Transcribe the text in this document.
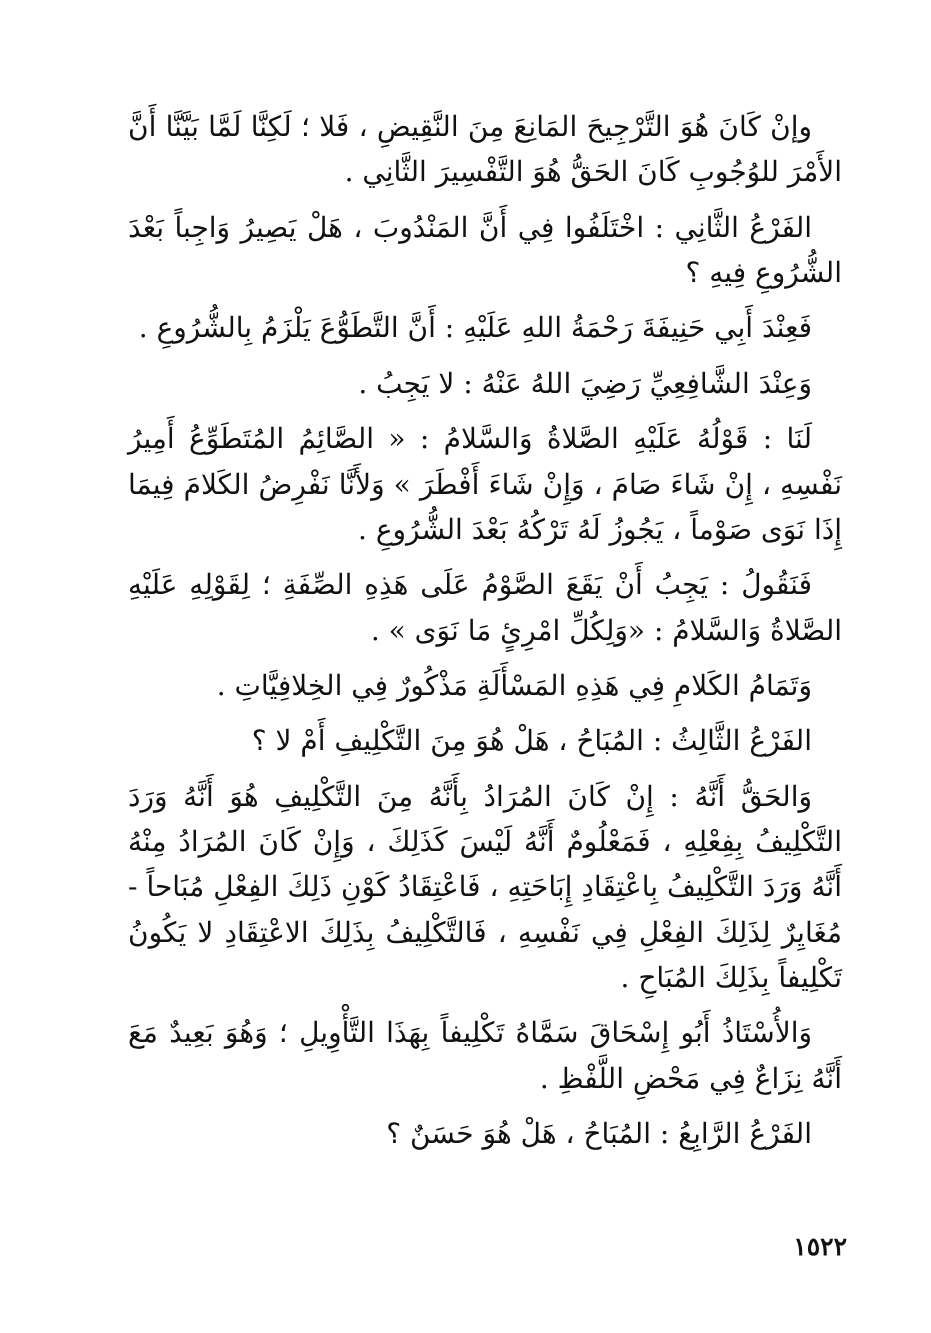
وإنْ كَانَ هُوَ التَّرْجِيحَ المَانِعَ مِنَ النَّقِيضِ ، فَلا ؛ لَكِنَّا لَمَّا بَيَّنَّا أَنَّ الأَمْرَ للوُجُوبِ كَانَ الحَقُّ هُوَ التَّفْسِيرَ الثَّانِي .

الفَرْعُ الثَّانِي : اخْتَلَفُوا فِي أَنَّ المَنْدُوبَ ، هَلْ يَصِيرُ وَاجِباً بَعْدَ الشُّرُوعِ فِيهِ ؟

فَعِنْدَ أَبِي حَنِيفَةَ رَحْمَةُ اللهِ عَلَيْهِ : أَنَّ التَّطَوُّعَ يَلْزَمُ بِالشُّرُوعِ .

وَعِنْدَ الشَّافِعِيِّ رَضِيَ اللهُ عَنْهُ : لا يَجِبُ .

لَنَا : قَوْلُهُ عَلَيْهِ الصَّلاةُ وَالسَّلامُ : « الصَّائِمُ المُتَطَوِّعُ أَمِيرُ نَفْسِهِ ، إِنْ شَاءَ صَامَ ، وَإِنْ شَاءَ أَفْطَرَ » وَلأَنَّا نَفْرِضُ الكَلامَ فِيمَا إِذَا نَوَى صَوْماً ، يَجُوزُ لَهُ تَرْكُهُ بَعْدَ الشُّرُوعِ .

فَنَقُولُ : يَجِبُ أَنْ يَقَعَ الصَّوْمُ عَلَى هَذِهِ الصِّفَةِ ؛ لِقَوْلِهِ عَلَيْهِ الصَّلاةُ وَالسَّلامُ : «وَلِكُلِّ امْرِئٍ مَا نَوَى » .

وَتَمَامُ الكَلامِ فِي هَذِهِ المَسْأَلَةِ مَذْكُورٌ فِي الخِلافِيَّاتِ .

الفَرْعُ الثَّالِثُ : المُبَاحُ ، هَلْ هُوَ مِنَ التَّكْلِيفِ أَمْ لا ؟

وَالحَقُّ أَنَّهُ : إِنْ كَانَ المُرَادُ بِأَنَّهُ مِنَ التَّكْلِيفِ هُوَ أَنَّهُ وَرَدَ التَّكْلِيفُ بِفِعْلِهِ ، فَمَعْلُومٌ أَنَّهُ لَيْسَ كَذَلِكَ ، وَإِنْ كَانَ المُرَادُ مِنْهُ أَنَّهُ وَرَدَ التَّكْلِيفُ بِاعْتِقَادِ إِبَاحَتِهِ ، فَاعْتِقَادُ كَوْنِ ذَلِكَ الفِعْلِ مُبَاحاً - مُغَايِرٌ لِذَلِكَ الفِعْلِ فِي نَفْسِهِ ، فَالتَّكْلِيفُ بِذَلِكَ الاعْتِقَادِ لا يَكُونُ تَكْلِيفاً بِذَلِكَ المُبَاحِ .

وَالأُسْتَاذُ أَبُو إِسْحَاقَ سَمَّاهُ تَكْلِيفاً بِهَذَا التَّأْوِيلِ ؛ وَهُوَ بَعِيدٌ مَعَ أَنَّهُ نِزَاعٌ فِي مَحْضِ اللَّفْظِ .

الفَرْعُ الرَّابِعُ : المُبَاحُ ، هَلْ هُوَ حَسَنٌ ؟

١٥٢٢
